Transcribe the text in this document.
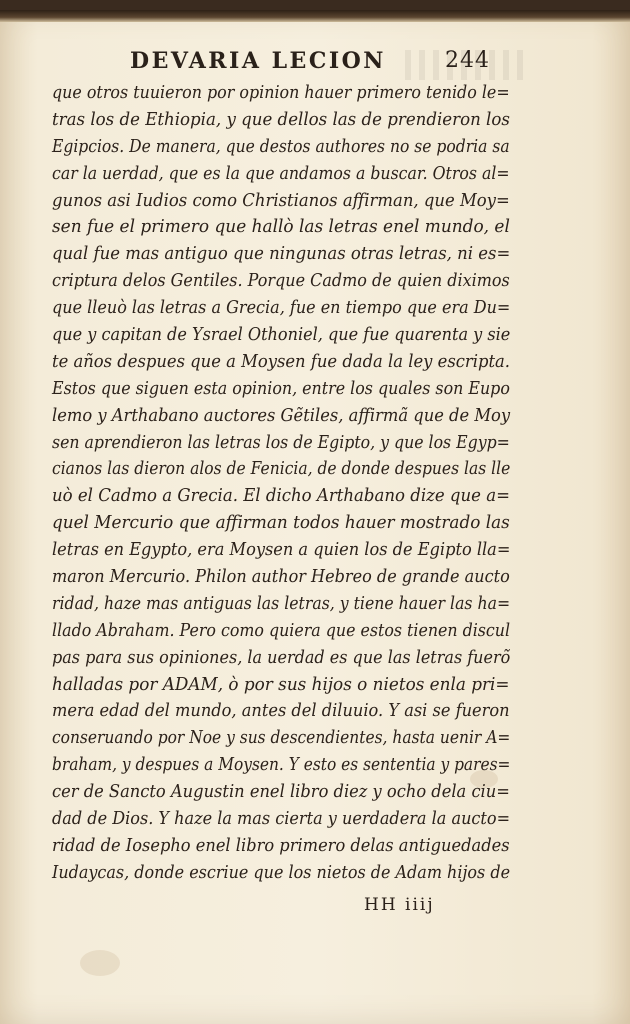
DEVARIA LECION	244
que otros tuuieron por opinion hauer primero tenido le=
tras los de Ethiopia, y que dellos las de prendieron los
Egipcios. De manera, que destos authores no se podria sa
car la uerdad, que es la que andamos a buscar. Otros al=
gunos asi Iudios como Christianos affirman, que Moy=
sen fue el primero que hallò las letras enel mundo, el
qual fue mas antiguo que ningunas otras letras, ni es=
criptura delos Gentiles. Porque Cadmo de quien diximos
que lleuò las letras a Grecia, fue en tiempo que era Du=
que y capitan de Ysrael Othoniel, que fue quarenta y sie
te años despues que a Moysen fue dada la ley escripta.
Estos que siguen esta opinion, entre los quales son Eupo
lemo y Arthabano auctores Gẽtiles, affirmã que de Moy
sen aprendieron las letras los de Egipto, y que los Egyp=
cianos las dieron alos de Fenicia, de donde despues las lle
uò el Cadmo a Grecia. El dicho Arthabano dize que a=
quel Mercurio que affirman todos hauer mostrado las
letras en Egypto, era Moysen a quien los de Egipto lla=
maron Mercurio. Philon author Hebreo de grande aucto
ridad, haze mas antiguas las letras, y tiene hauer las ha=
llado Abraham. Pero como quiera que estos tienen discul
pas para sus opiniones, la uerdad es que las letras fuerõ
halladas por ADAM, ò por sus hijos o nietos enla pri=
mera edad del mundo, antes del diluuio. Y asi se fueron
conseruando por Noe y sus descendientes, hasta uenir A=
braham, y despues a Moysen. Y esto es sententia y pares=
cer de Sancto Augustin enel libro diez y ocho dela ciu=
dad de Dios. Y haze la mas cierta y uerdadera la aucto=
ridad de Iosepho enel libro primero delas antiguedades
Iudaycas, donde escriue que los nietos de Adam hijos de
HH iiij
